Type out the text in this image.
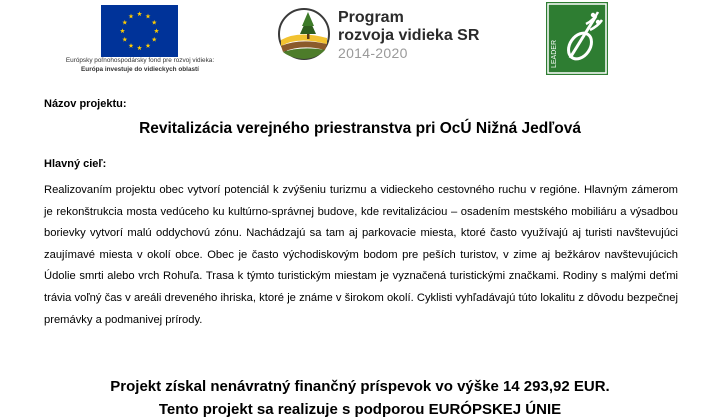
Európsky poľnohospodársky fond pre rozvoj vidieka:
Európa investuje do vidieckych oblastí
Program
rozvoja vidieka SR
2014-2020	LEADER
Názov projektu:
Revitalizácia verejného priestranstva pri OcÚ Nižná Jedľová
Hlavný cieľ:
Realizovaním projektu obec vytvorí potenciál k zvýšeniu turizmu a vidieckeho cestovného ruchu v regióne. Hlavným zámerom je rekonštrukcia mosta vedúceho ku kultúrno-správnej budove, kde revitalizáciou – osadením mestského mobiliáru a výsadbou borievky vytvorí malú oddychovú zónu. Nachádzajú sa tam aj parkovacie miesta, ktoré často využívajú aj turisti navštevujúci zaujímavé miesta v okolí obce. Obec je často východiskovým bodom pre peších turistov, v zime aj bežkárov navštevujúcich Údolie smrti alebo vrch Rohuľa. Trasa k týmto turistickým miestam je vyznačená turistickými značkami. Rodiny s malými deťmi trávia voľný čas v areáli dreveného ihriska, ktoré je známe v širokom okolí. Cyklisti vyhľadávajú túto lokalitu z dôvodu bezpečnej premávky a podmanivej prírody.
Projekt získal nenávratný finančný príspevok vo výške 14 293,92 EUR.
Tento projekt sa realizuje s podporou EURÓPSKEJ ÚNIE
